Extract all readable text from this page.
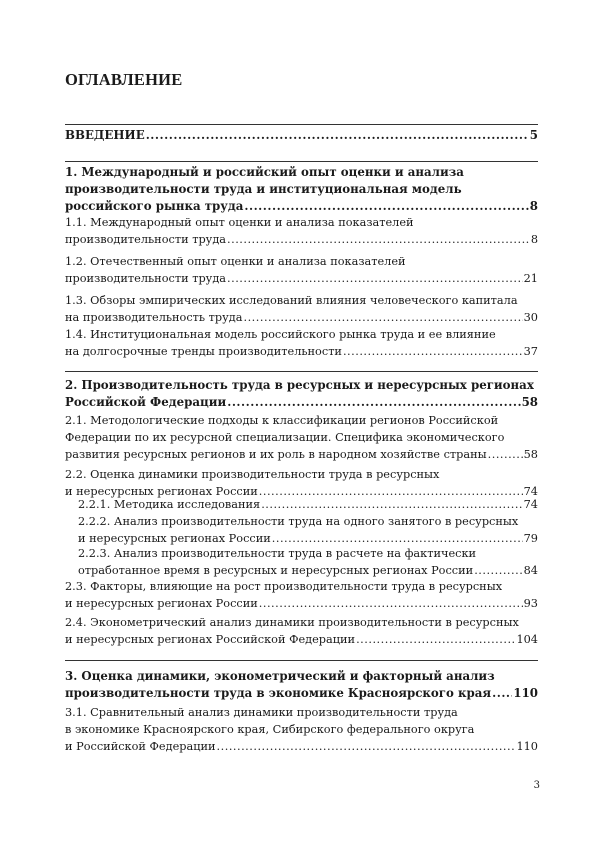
ОГЛАВЛЕНИЕ
ВВЕДЕНИЕ .....	5
1. Международный и российский опыт оценки и анализа
производительности труда и институциональная модель
российского рынка труда .....	8
1.1. Международный опыт оценки и анализа показателей
производительности труда .....	8
1.2. Отечественный опыт оценки и анализа показателей
производительности труда .....	21
1.3. Обзоры эмпирических исследований влияния человеческого капитала
на производительность труда .....	30
1.4. Институциональная модель российского рынка труда и ее влияние
на долгосрочные тренды производительности .....	37
2. Производительность труда в ресурсных и нересурсных регионах
Российской Федерации .....	58
2.1. Методологические подходы к классификации регионов Российской
Федерации по их ресурсной специализации. Специфика экономического
развития ресурсных регионов и их роль в народном хозяйстве страны .....	58
2.2. Оценка динамики производительности труда в ресурсных
и нересурсных регионах России .....	74
2.2.1. Методика исследования .....	74
2.2.2. Анализ производительности труда на одного занятого в ресурсных
и нересурсных регионах России .....	79
2.2.3. Анализ производительности труда в расчете на фактически
отработанное время в ресурсных и нересурсных регионах России .....	84
2.3. Факторы, влияющие на рост производительности труда в ресурсных
и нересурсных регионах России .....	93
2.4. Эконометрический анализ динамики производительности в ресурсных
и нересурсных регионах Российской Федерации .....	104
3. Оценка динамики, эконометрический и факторный анализ
производительности труда в экономике Красноярского края ..... 110
3.1. Сравнительный анализ динамики производительности труда
в экономике Красноярского края, Сибирского федерального округа
и Российской Федерации .....	110
3
